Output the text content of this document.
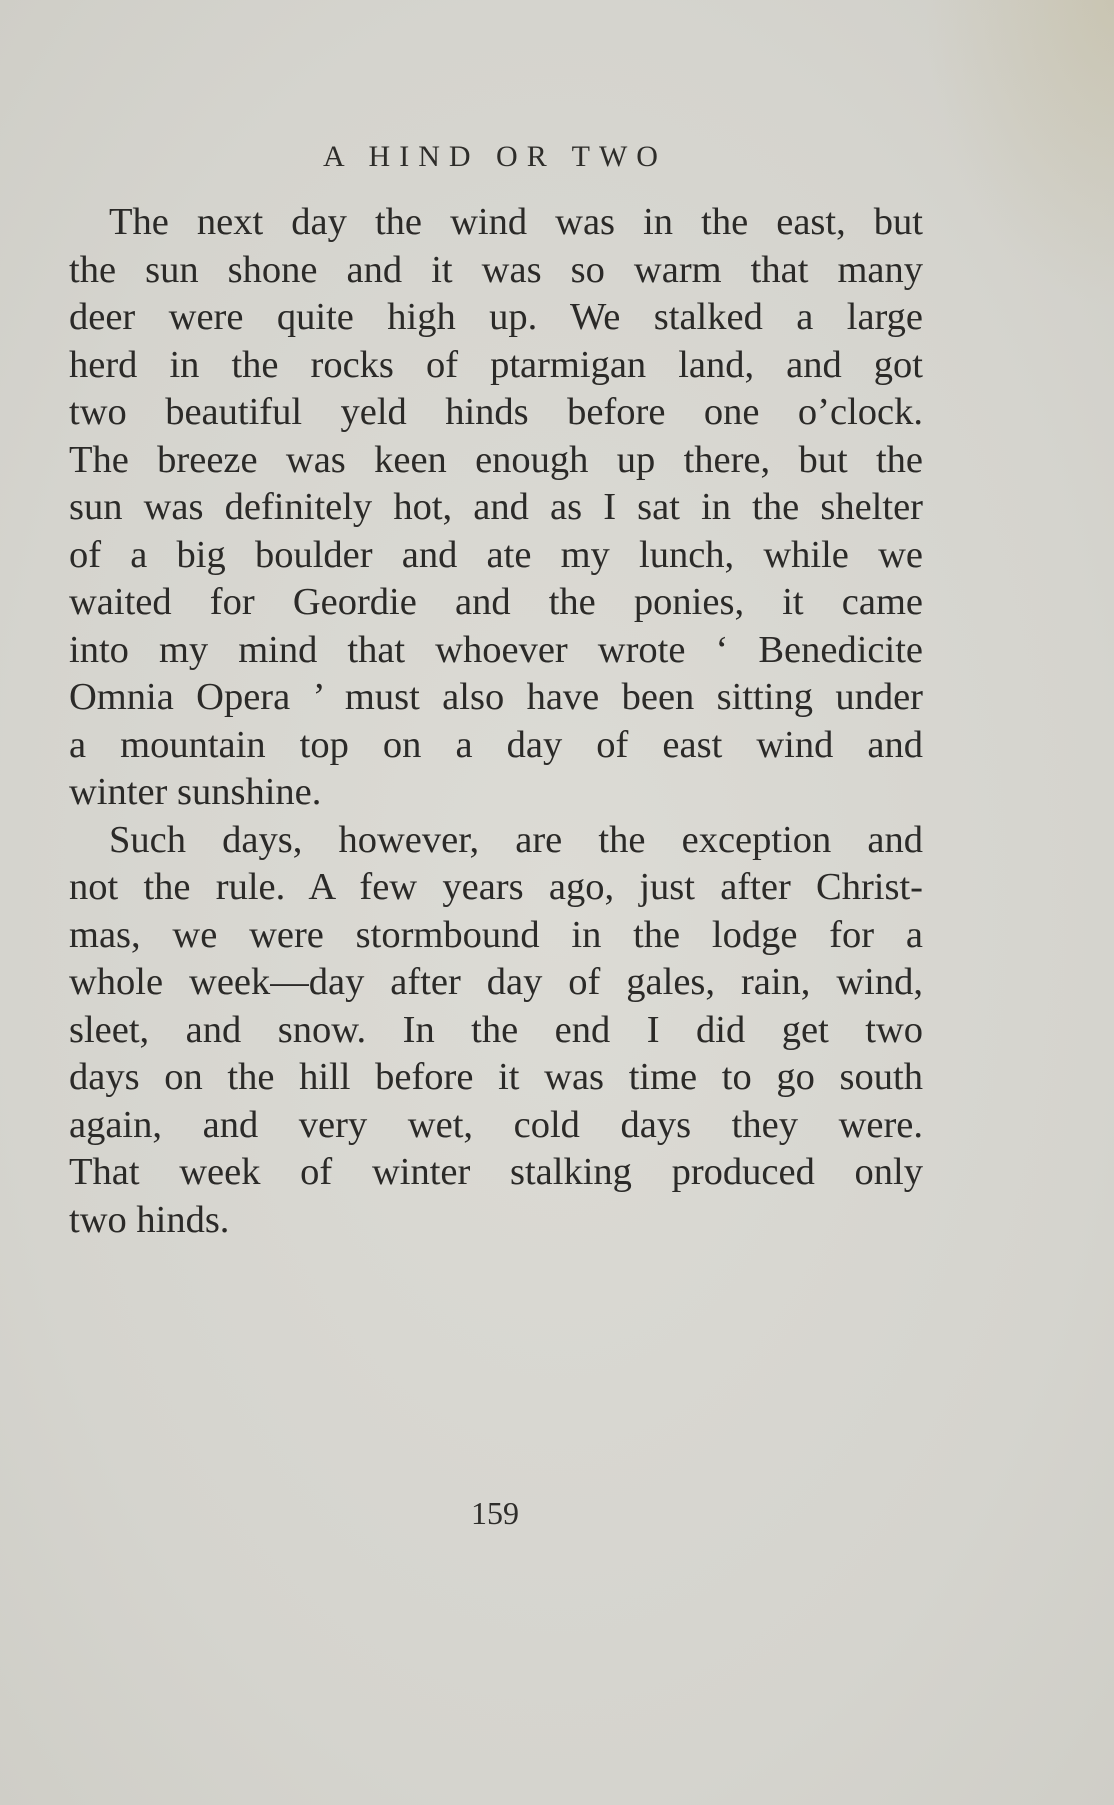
A HIND OR TWO
The next day the wind was in the east, but
the sun shone and it was so warm that many
deer were quite high up. We stalked a large
herd in the rocks of ptarmigan land, and got
two beautiful yeld hinds before one o’clock.
The breeze was keen enough up there, but the
sun was definitely hot, and as I sat in the shelter
of a big boulder and ate my lunch, while we
waited for Geordie and the ponies, it came
into my mind that whoever wrote ‘ Benedicite
Omnia Opera ’ must also have been sitting under
a mountain top on a day of east wind and
winter sunshine.
Such days, however, are the exception and
not the rule. A few years ago, just after Christ-
mas, we were stormbound in the lodge for a
whole week—day after day of gales, rain, wind,
sleet, and snow. In the end I did get two
days on the hill before it was time to go south
again, and very wet, cold days they were.
That week of winter stalking produced only
two hinds.
159
